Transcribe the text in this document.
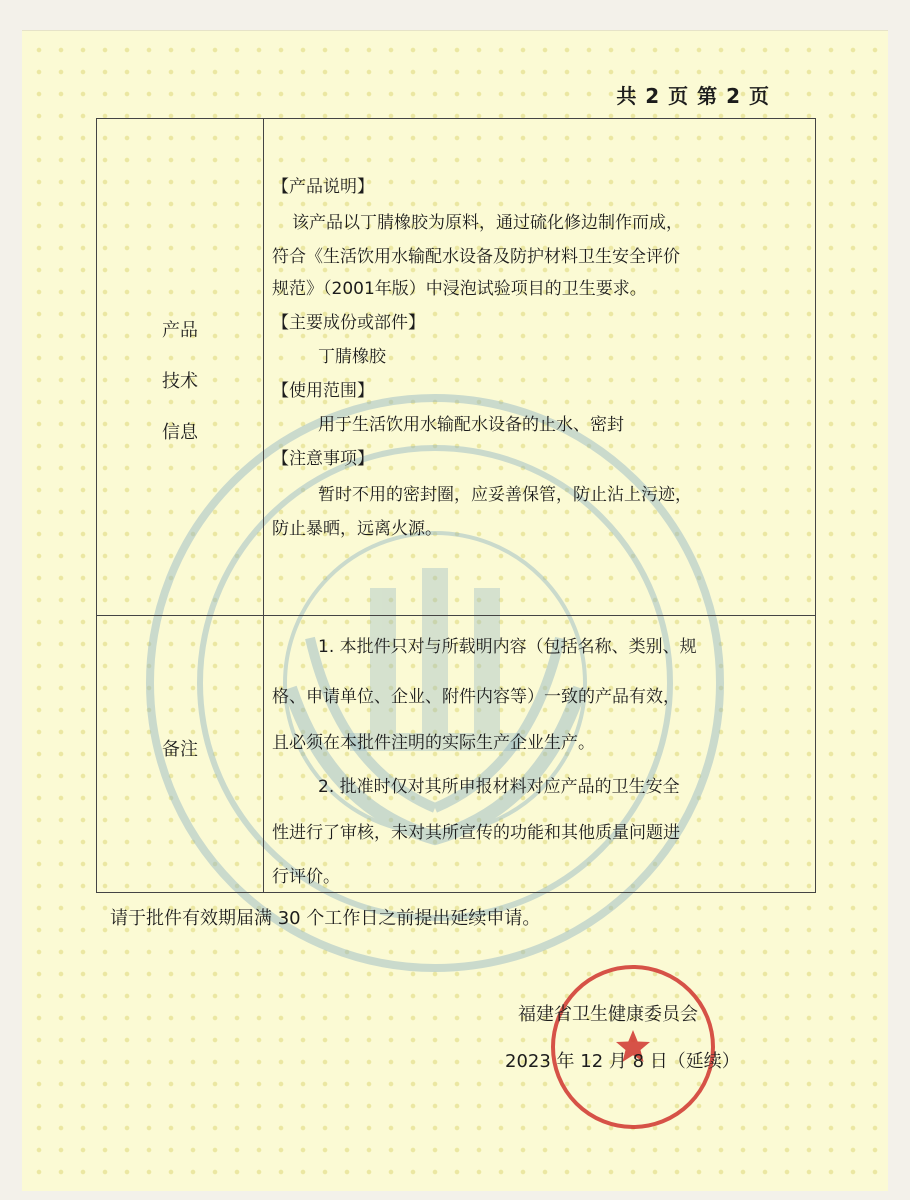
共 2 页 第 2 页
产品
技术
信息
【产品说明】
该产品以丁腈橡胶为原料，通过硫化修边制作而成，
符合《生活饮用水输配水设备及防护材料卫生安全评价
规范》（2001年版）中浸泡试验项目的卫生要求。
【主要成份或部件】
丁腈橡胶
【使用范围】
用于生活饮用水输配水设备的止水、密封
【注意事项】
暂时不用的密封圈，应妥善保管，防止沾上污迹，
防止暴晒，远离火源。
备注
1. 本批件只对与所载明内容（包括名称、类别、规
格、申请单位、企业、附件内容等）一致的产品有效，
且必须在本批件注明的实际生产企业生产。
2. 批准时仅对其所申报材料对应产品的卫生安全
性进行了审核，未对其所宣传的功能和其他质量问题进
行评价。
请于批件有效期届满 30 个工作日之前提出延续申请。
福建省卫生健康委员会
2023 年 12 月 8 日（延续）
